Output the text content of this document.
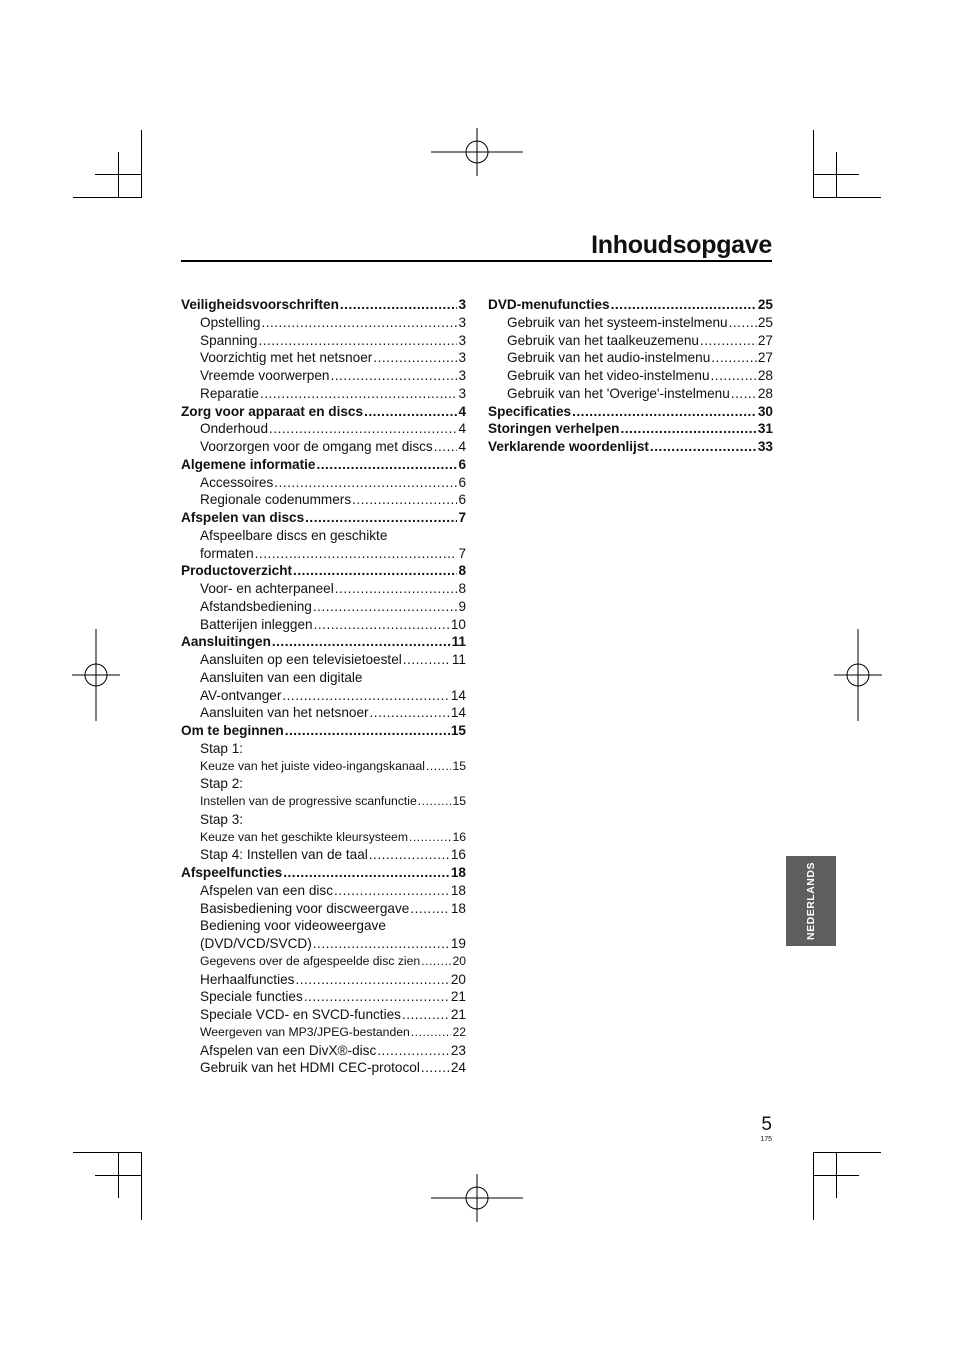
Inhoudsopgave
Veiligheidsvoorschriften .....	3
Opstelling .....	3
Spanning .....	3
Voorzichtig met het netsnoer .....	3
Vreemde voorwerpen .....	3
Reparatie .....	3
Zorg voor apparaat en discs .....	4
Onderhoud .....	4
Voorzorgen voor de omgang met discs ..... 4
Algemene informatie .....	6
Accessoires .....	6
Regionale codenummers .....	6
Afspelen van discs .....	7
Afspeelbare discs en geschikte
formaten .....	7
Productoverzicht .....	8
Voor- en achterpaneel .....	8
Afstandsbediening .....	9
Batterijen inleggen .....	10
Aansluitingen .....	11
Aansluiten op een televisietoestel .....	11
Aansluiten van een digitale
AV-ontvanger .....	14
Aansluiten van het netsnoer .....	14
Om te beginnen .....	15
Stap 1:
Keuze van het juiste video-ingangskanaal ..... 15
Stap 2:
Instellen van de progressive scanfunctie .....	15
Stap 3:
Keuze van het geschikte kleursysteem .....	16
Stap 4: Instellen van de taal .....	16
Afspeelfuncties .....	18
Afspelen van een disc .....	18
Basisbediening voor discweergave .....	18
Bediening voor videoweergave
(DVD/VCD/SVCD) .....	19
Gegevens over de afgespeelde disc zien .....	20
Herhaalfuncties .....	20
Speciale functies .....	21
Speciale VCD- en SVCD-functies .....	21
Weergeven van MP3/JPEG-bestanden .....	22
Afspelen van een DivX®-disc .....	23
Gebruik van het HDMI CEC-protocol ..... 24
DVD-menufuncties .....	25
Gebruik van het systeem-instelmenu ..... 25
Gebruik van het taalkeuzemenu .....	27
Gebruik van het audio-instelmenu .....	27
Gebruik van het video-instelmenu .....	28
Gebruik van het 'Overige'-instelmenu ..... 28
Specificaties .....	30
Storingen verhelpen .....	31
Verklarende woordenlijst .....	33
NEDERLANDS
5
175
